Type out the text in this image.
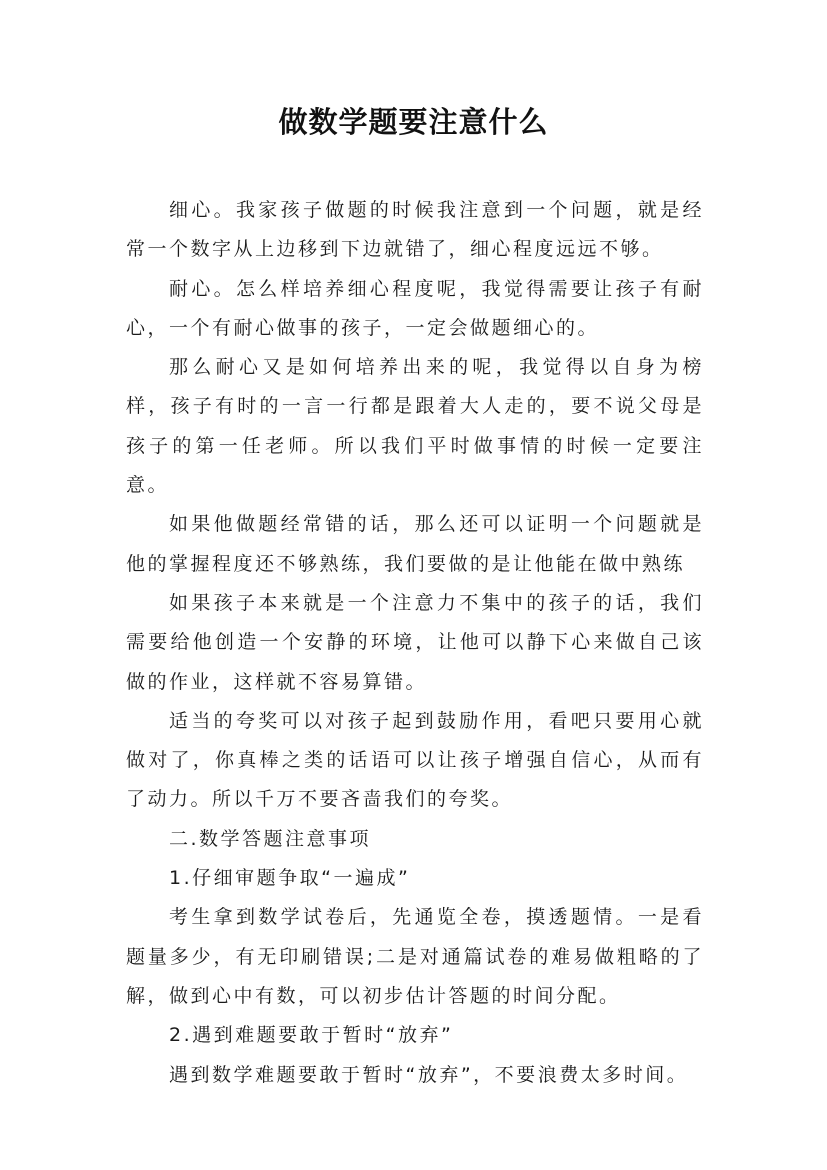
做数学题要注意什么

细心。我家孩子做题的时候我注意到一个问题，就是经常一个数字从上边移到下边就错了，细心程度远远不够。

耐心。怎么样培养细心程度呢，我觉得需要让孩子有耐心，一个有耐心做事的孩子，一定会做题细心的。

那么耐心又是如何培养出来的呢，我觉得以自身为榜样，孩子有时的一言一行都是跟着大人走的，要不说父母是孩子的第一任老师。所以我们平时做事情的时候一定要注意。

如果他做题经常错的话，那么还可以证明一个问题就是他的掌握程度还不够熟练，我们要做的是让他能在做中熟练

如果孩子本来就是一个注意力不集中的孩子的话，我们需要给他创造一个安静的环境，让他可以静下心来做自己该做的作业，这样就不容易算错。

适当的夸奖可以对孩子起到鼓励作用，看吧只要用心就做对了，你真棒之类的话语可以让孩子增强自信心，从而有了动力。所以千万不要吝啬我们的夸奖。

二.数学答题注意事项

1.仔细审题争取“一遍成”

考生拿到数学试卷后，先通览全卷，摸透题情。一是看题量多少，有无印刷错误;二是对通篇试卷的难易做粗略的了解，做到心中有数，可以初步估计答题的时间分配。

2.遇到难题要敢于暂时“放弃”

遇到数学难题要敢于暂时“放弃”，不要浪费太多时间。
